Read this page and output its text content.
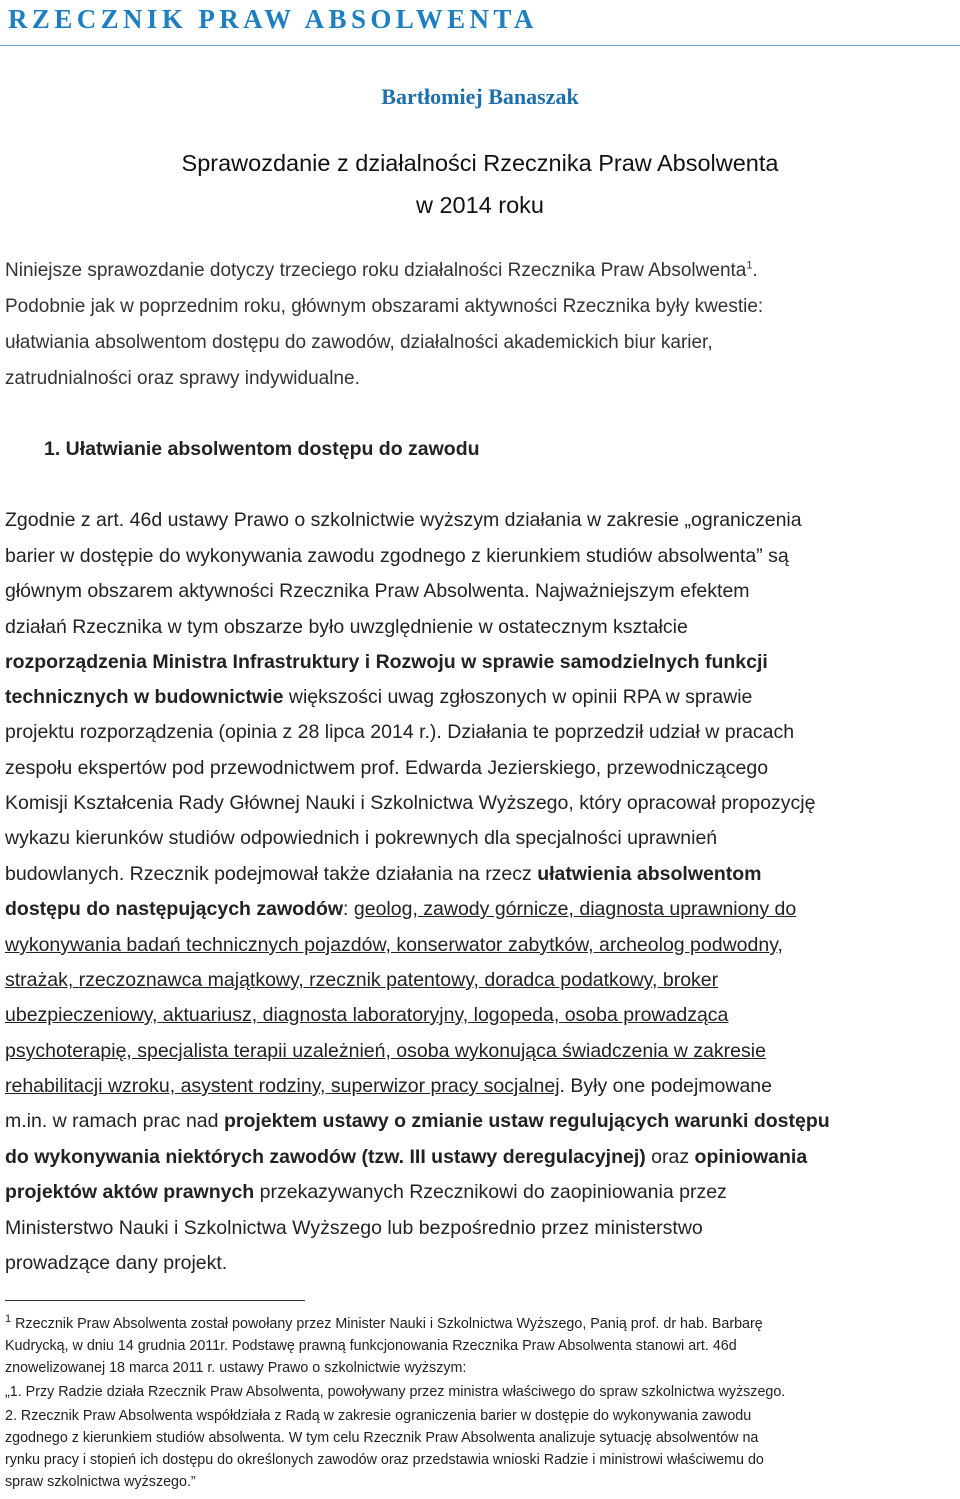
RZECZNIK PRAW ABSOLWENTA
Bartłomiej Banaszak
Sprawozdanie z działalności Rzecznika Praw Absolwenta
w 2014 roku
Niniejsze sprawozdanie dotyczy trzeciego roku działalności Rzecznika Praw Absolwenta$^1$.
Podobnie jak w poprzednim roku, głównym obszarami aktywności Rzecznika były kwestie:
ułatwiania absolwentom dostępu do zawodów, działalności akademickich biur karier,
zatrudnialności oraz sprawy indywidualne.
1. Ułatwianie absolwentom dostępu do zawodu
Zgodnie z art. 46d ustawy Prawo o szkolnictwie wyższym działania w zakresie „ograniczenia
barier w dostępie do wykonywania zawodu zgodnego z kierunkiem studiów absolwenta” są
głównym obszarem aktywności Rzecznika Praw Absolwenta. Najważniejszym efektem
działań Rzecznika w tym obszarze było uwzględnienie w ostatecznym kształcie
rozporządzenia Ministra Infrastruktury i Rozwoju w sprawie samodzielnych funkcji
technicznych w budownictwie większości uwag zgłoszonych w opinii RPA w sprawie
projektu rozporządzenia (opinia z 28 lipca 2014 r.). Działania te poprzedził udział w pracach
zespołu ekspertów pod przewodnictwem prof. Edwarda Jezierskiego, przewodniczącego
Komisji Kształcenia Rady Głównej Nauki i Szkolnictwa Wyższego, który opracował propozycję
wykazu kierunków studiów odpowiednich i pokrewnych dla specjalności uprawnień
budowlanych. Rzecznik podejmował także działania na rzecz ułatwienia absolwentom
dostępu do następujących zawodów: geolog, zawody górnicze, diagnosta uprawniony do
wykonywania badań technicznych pojazdów, konserwator zabytków, archeolog podwodny,
strażak, rzeczoznawca majątkowy, rzecznik patentowy, doradca podatkowy, broker
ubezpieczeniowy, aktuariusz, diagnosta laboratoryjny, logopeda, osoba prowadząca
psychoterapię, specjalista terapii uzależnień, osoba wykonująca świadczenia w zakresie
rehabilitacji wzroku, asystent rodziny, superwizor pracy socjalnej. Były one podejmowane
m.in. w ramach prac nad projektem ustawy o zmianie ustaw regulujących warunki dostępu
do wykonywania niektórych zawodów (tzw. III ustawy deregulacyjnej) oraz opiniowania
projektów aktów prawnych przekazywanych Rzecznikowi do zaopiniowania przez
Ministerstwo Nauki i Szkolnictwa Wyższego lub bezpośrednio przez ministerstwo
prowadzące dany projekt.
$^1$ Rzecznik Praw Absolwenta został powołany przez Minister Nauki i Szkolnictwa Wyższego, Panią prof. dr hab. Barbarę
Kudrycką, w dniu 14 grudnia 2011r. Podstawę prawną funkcjonowania Rzecznika Praw Absolwenta stanowi art. 46d
znowelizowanej 18 marca 2011 r. ustawy Prawo o szkolnictwie wyższym:
„1. Przy Radzie działa Rzecznik Praw Absolwenta, powoływany przez ministra właściwego do spraw szkolnictwa wyższego.
2. Rzecznik Praw Absolwenta współdziała z Radą w zakresie ograniczenia barier w dostępie do wykonywania zawodu
zgodnego z kierunkiem studiów absolwenta. W tym celu Rzecznik Praw Absolwenta analizuje sytuację absolwentów na
rynku pracy i stopień ich dostępu do określonych zawodów oraz przedstawia wnioski Radzie i ministrowi właściwemu do
spraw szkolnictwa wyższego.”
